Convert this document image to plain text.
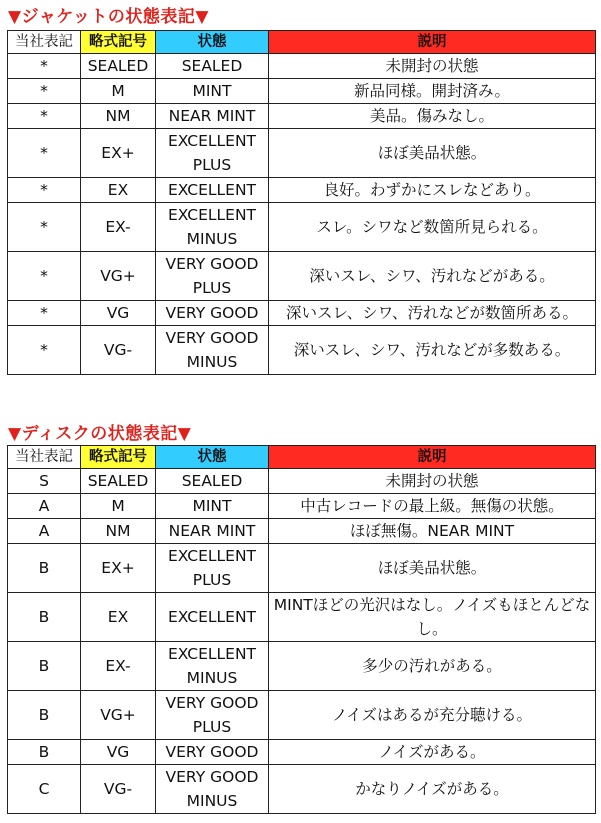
▼ジャケットの状態表記▼
当社表記	略式記号	状態	説明
*	SEALED	SEALED	未開封の状態
*	M	MINT	新品同様。開封済み。
*	NM	NEAR MINT	美品。傷みなし。
*	EX+	EXCELLENT PLUS	ほぼ美品状態。
*	EX	EXCELLENT	良好。わずかにスレなどあり。
*	EX-	EXCELLENT MINUS	スレ。シワなど数箇所見られる。
*	VG+	VERY GOOD PLUS	深いスレ、シワ、汚れなどがある。
*	VG	VERY GOOD	深いスレ、シワ、汚れなどが数箇所ある。
*	VG-	VERY GOOD MINUS	深いスレ、シワ、汚れなどが多数ある。
▼ディスクの状態表記▼
当社表記	略式記号	状態	説明
S	SEALED	SEALED	未開封の状態
A	M	MINT	中古レコードの最上級。無傷の状態。
A	NM	NEAR MINT	ほぼ無傷。NEAR MINT
B	EX+	EXCELLENT PLUS	ほぼ美品状態。
B	EX	EXCELLENT	MINTほどの光沢はなし。ノイズもほとんどなし。
B	EX-	EXCELLENT MINUS	多少の汚れがある。
B	VG+	VERY GOOD PLUS	ノイズはあるが充分聴ける。
B	VG	VERY GOOD	ノイズがある。
C	VG-	VERY GOOD MINUS	かなりノイズがある。
